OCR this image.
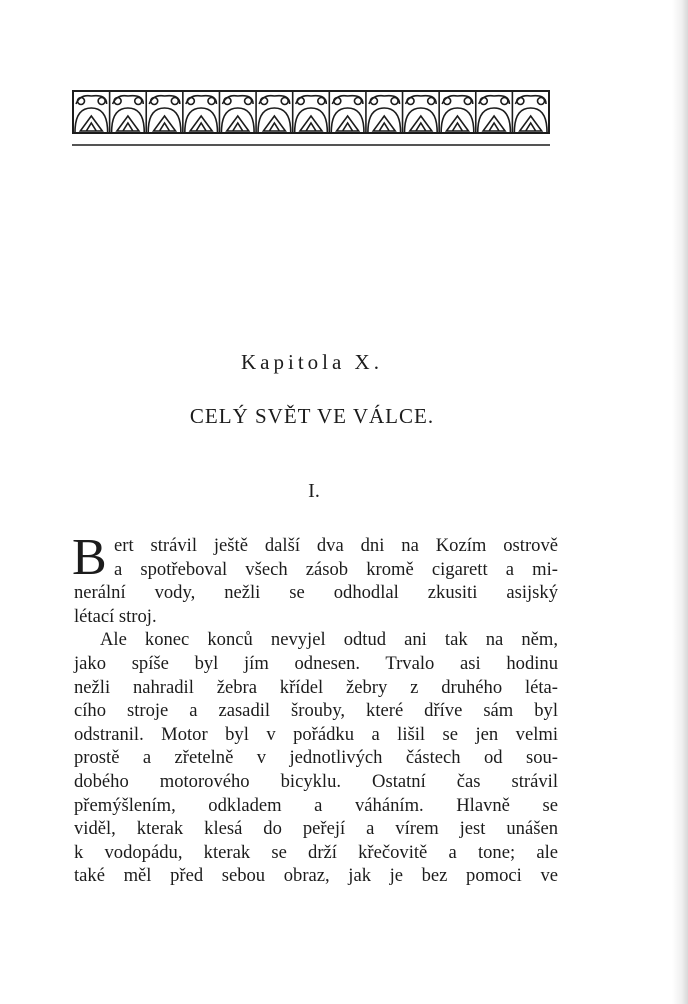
Kapitola X.
CELÝ SVĚT VE VÁLCE.
I.
B ert strávil ještě další dva dni na Kozím ostrově
a spotřeboval všech zásob kromě cigarett a mi-
nerální vody, nežli se odhodlal zkusiti asijský
létací stroj.
Ale konec konců nevyjel odtud ani tak na něm,
jako spíše byl jím odnesen. Trvalo asi hodinu
nežli nahradil žebra křídel žebry z druhého léta-
cího stroje a zasadil šrouby, které dříve sám byl
odstranil. Motor byl v pořádku a lišil se jen velmi
prostě a zřetelně v jednotlivých částech od sou-
dobého motorového bicyklu. Ostatní čas strávil
přemýšlením, odkladem a váháním. Hlavně se
viděl, kterak klesá do peřejí a vírem jest unášen
k vodopádu, kterak se drží křečovitě a tone; ale
také měl před sebou obraz, jak je bez pomoci ve
